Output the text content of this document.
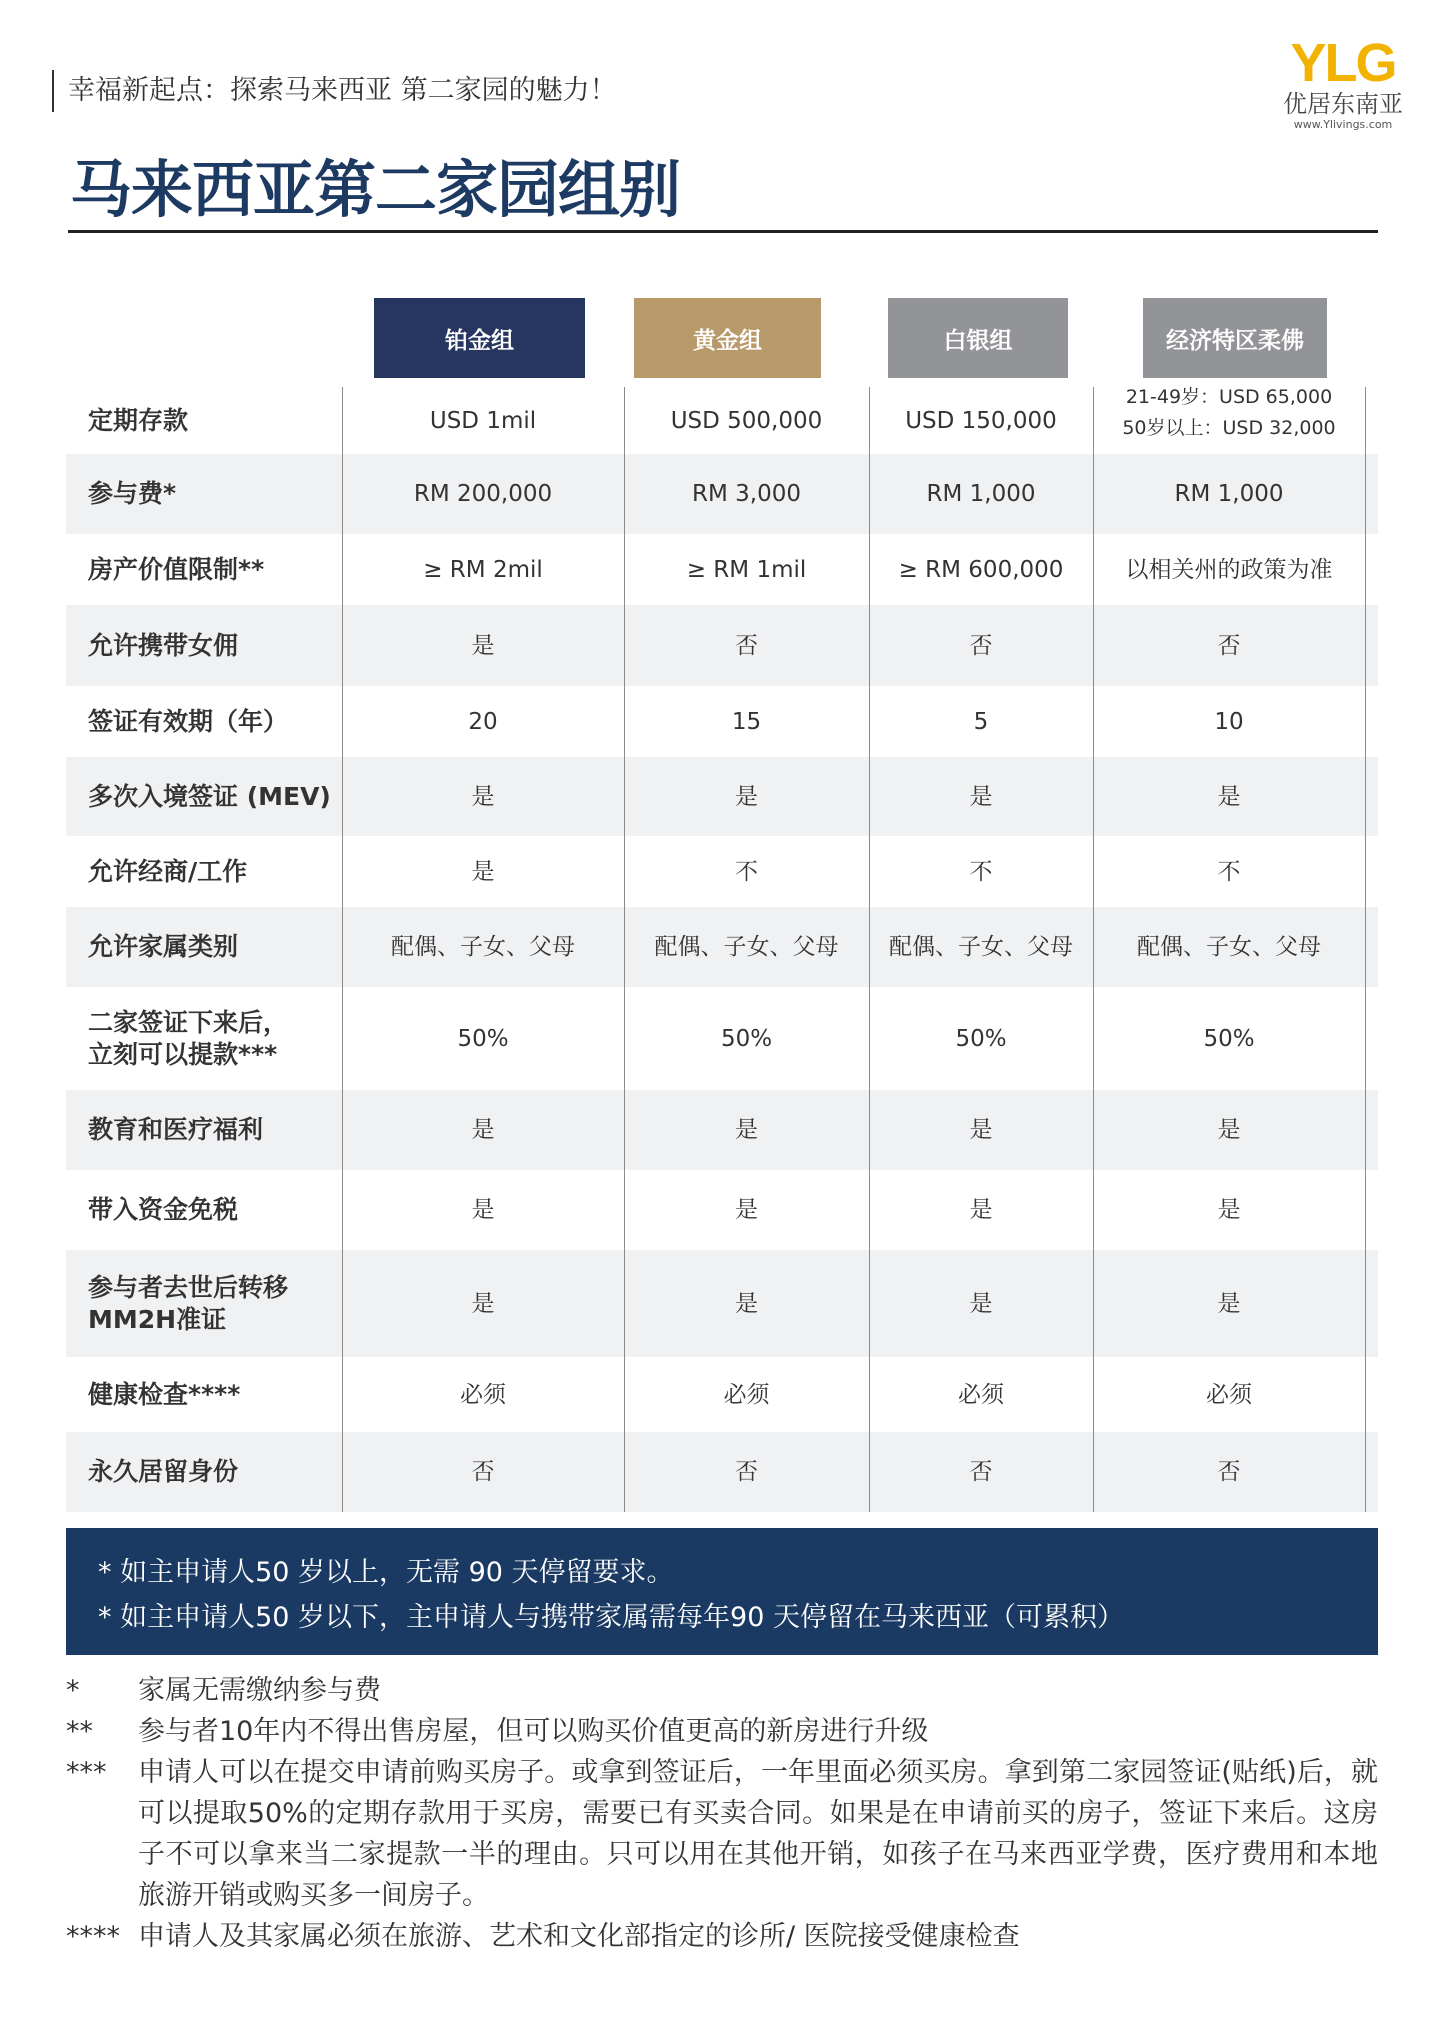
幸福新起点：探索马来西亚 第二家园的魅力！	YLG
优居东南亚
www.Ylivings.com
马来西亚第二家园组别
铂金组	黄金组	白银组	经济特区柔佛
定期存款	USD 1mil	USD 500,000	USD 150,000
21-49岁：USD 65,000
50岁以上：USD 32,000
参与费*	RM 200,000	RM 3,000	RM 1,000	RM 1,000
房产价值限制**	≥ RM 2mil	≥ RM 1mil	≥ RM 600,000	以相关州的政策为准
允许携带女佣	是	否	否	否
签证有效期（年）	20	15	5	10
多次入境签证 (MEV)	是	是	是	是
允许经商/工作	是	不	不	不
允许家属类别	配偶、子女、父母	配偶、子女、父母	配偶、子女、父母	配偶、子女、父母
二家签证下来后，
立刻可以提款***
50%	50%	50%	50%
教育和医疗福利	是	是	是	是
带入资金免税	是	是	是	是
参与者去世后转移
MM2H准证
是	是	是	是
健康检查****	必须	必须	必须	必须
永久居留身份	否	否	否	否
* 如主申请人50 岁以上，无需 90 天停留要求。
* 如主申请人50 岁以下，主申请人与携带家属需每年90 天停留在马来西亚（可累积）
*	家属无需缴纳参与费
**	参与者10年内不得出售房屋，但可以购买价值更高的新房进行升级
***	申请人可以在提交申请前购买房子。或拿到签证后，一年里面必须买房。拿到第二家园签证(贴纸)后，就可以提取50%的定期存款用于买房，需要已有买卖合同。如果是在申请前买的房子，签证下来后。这房子不可以拿来当二家提款一半的理由。只可以用在其他开销，如孩子在马来西亚学费，医疗费用和本地旅游开销或购买多一间房子。
**** 申请人及其家属必须在旅游、艺术和文化部指定的诊所/ 医院接受健康检查
